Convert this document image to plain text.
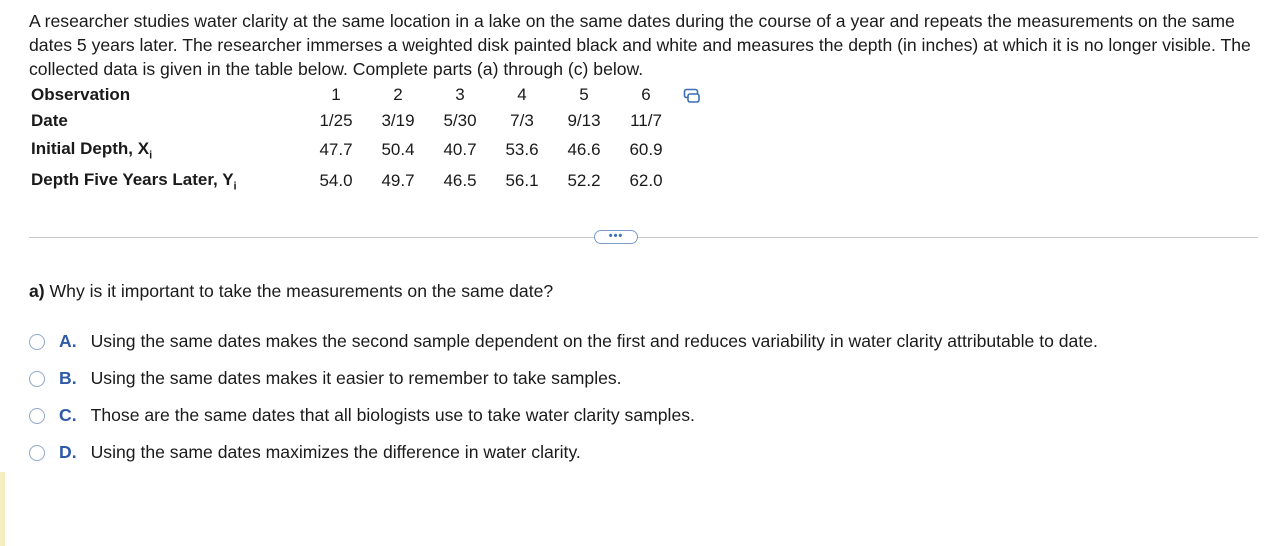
A researcher studies water clarity at the same location in a lake on the same dates during the course of a year and repeats the measurements on the same dates 5 years later. The researcher immerses a weighted disk painted black and white and measures the depth (in inches) at which it is no longer visible. The collected data is given in the table below. Complete parts (a) through (c) below.

Observation	1	2	3	4	5	6	
Date	1/25	3/19	5/30	7/3	9/13	11/7	
Initial Depth, $X_i$	47.7	50.4	40.7	53.6	46.6	60.9	
Depth Five Years Later, $Y_i$	54.0	49.7	46.5	56.1	52.2	62.0	
•••

a) Why is it important to take the measurements on the same date?

A. Using the same dates makes the second sample dependent on the first and reduces variability in water clarity attributable to date.
B. Using the same dates makes it easier to remember to take samples.
C. Those are the same dates that all biologists use to take water clarity samples.
D. Using the same dates maximizes the difference in water clarity.
